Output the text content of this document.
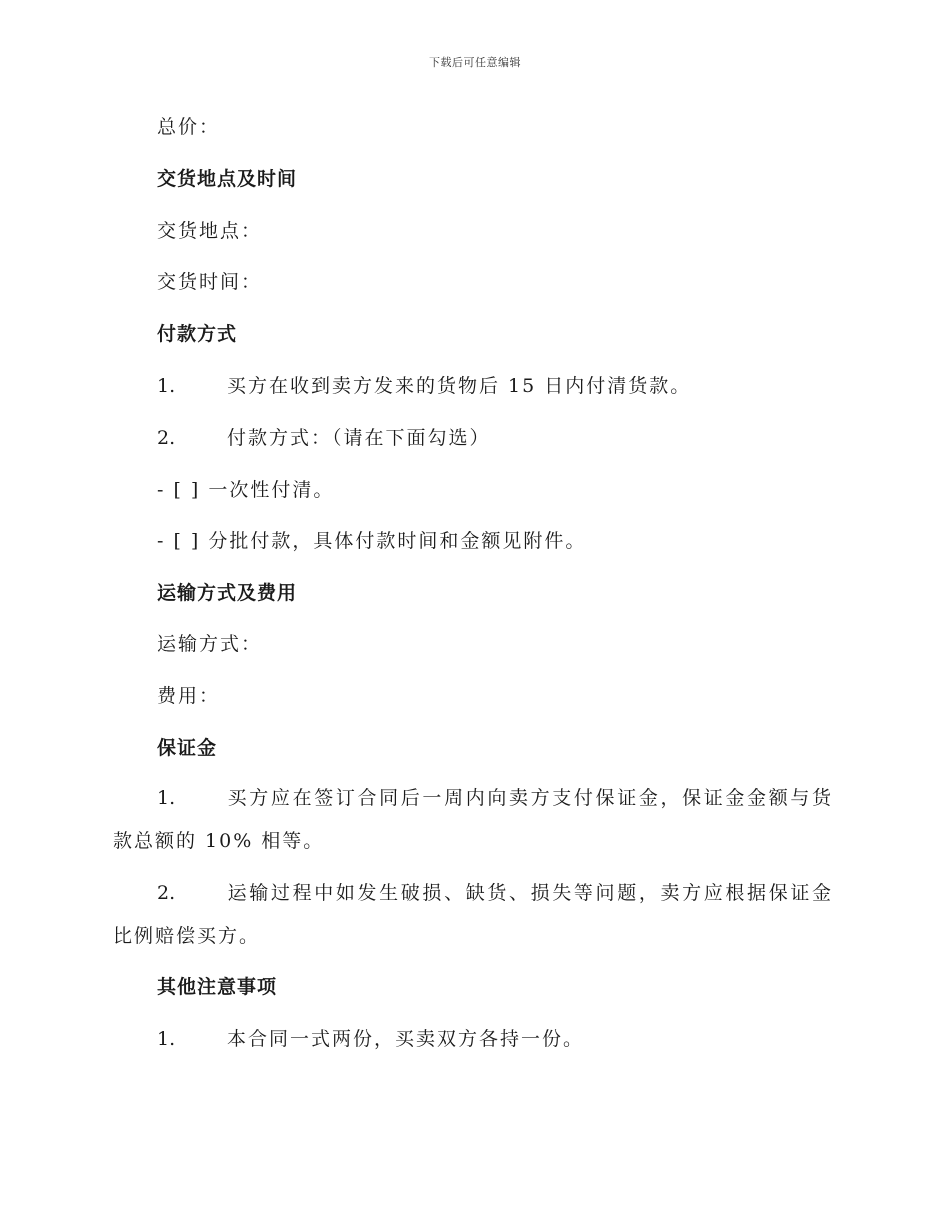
下载后可任意编辑
总价：
交货地点及时间
交货地点：
交货时间：
付款方式
1.	买方在收到卖方发来的货物后 15 日内付清货款。
2.	付款方式：（请在下面勾选）
- [ ] 一次性付清。
- [ ] 分批付款，具体付款时间和金额见附件。
运输方式及费用
运输方式：
费用：
保证金
1.	买方应在签订合同后一周内向卖方支付保证金，保证金金额与货款总额的 10% 相等。
2.	运输过程中如发生破损、缺货、损失等问题，卖方应根据保证金比例赔偿买方。
其他注意事项
1.	本合同一式两份，买卖双方各持一份。
